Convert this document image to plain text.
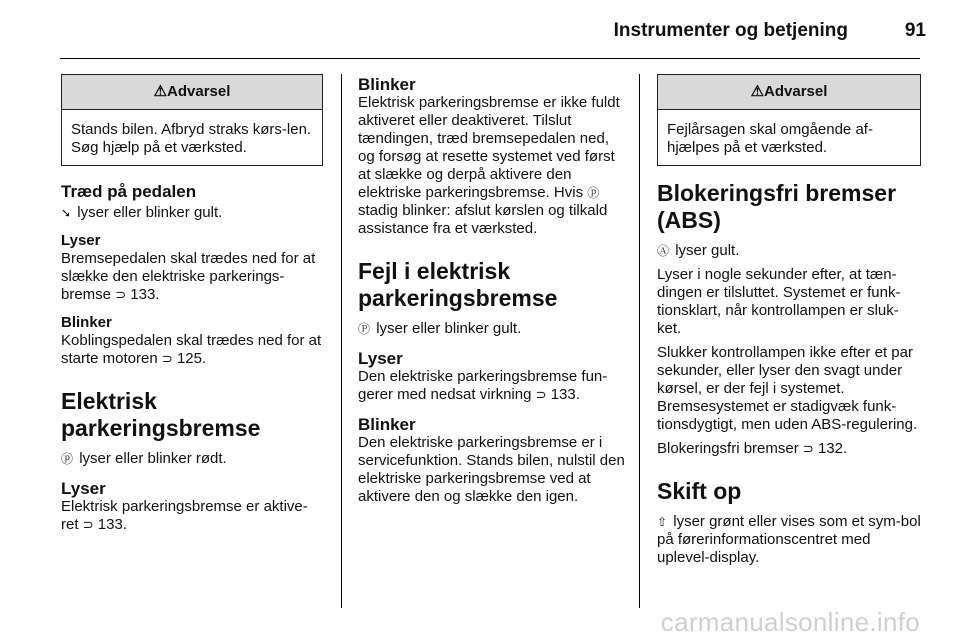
Instrumenter og betjening	91
⚠Advarsel
Stands bilen. Afbryd straks kørs-len. Søg hjælp på et værksted.
Træd på pedalen

➘ lyser eller blinker gult.

Lyser

Bremsepedalen skal trædes ned for at slække den elektriske parkerings-bremse ⊃ 133.

Blinker

Koblingspedalen skal trædes ned for at starte motoren ⊃ 125.

Elektrisk parkeringsbremse

ⓟ lyser eller blinker rødt.

Lyser

Elektrisk parkeringsbremse er aktive-ret ⊃ 133.

Blinker

Elektrisk parkeringsbremse er ikke fuldt aktiveret eller deaktiveret. Tilslut tændingen, træd bremsepedalen ned, og forsøg at resette systemet ved først at slække og derpå aktivere den elektriske parkeringsbremse. Hvis ⓟ stadig blinker: afslut kørslen og tilkald assistance fra et værksted.

Fejl i elektrisk parkeringsbremse

Ⓟ lyser eller blinker gult.

Lyser

Den elektriske parkeringsbremse fun-gerer med nedsat virkning ⊃ 133.

Blinker

Den elektriske parkeringsbremse er i servicefunktion. Stands bilen, nulstil den elektriske parkeringsbremse ved at aktivere den og slække den igen.

⚠Advarsel
Fejlårsagen skal omgående af-hjælpes på et værksted.
Blokeringsfri bremser (ABS)

Ⓐ lyser gult.

Lyser i nogle sekunder efter, at tæn-dingen er tilsluttet. Systemet er funk-tionsklart, når kontrollampen er sluk-ket.

Slukker kontrollampen ikke efter et par sekunder, eller lyser den svagt under kørsel, er der fejl i systemet. Bremsesystemet er stadigvæk funk-tionsdygtigt, men uden ABS-regulering.

Blokeringsfri bremser ⊃ 132.

Skift op

⇧ lyser grønt eller vises som et sym-bol på førerinformationscentret med uplevel-display.

carmanualsonline.info
